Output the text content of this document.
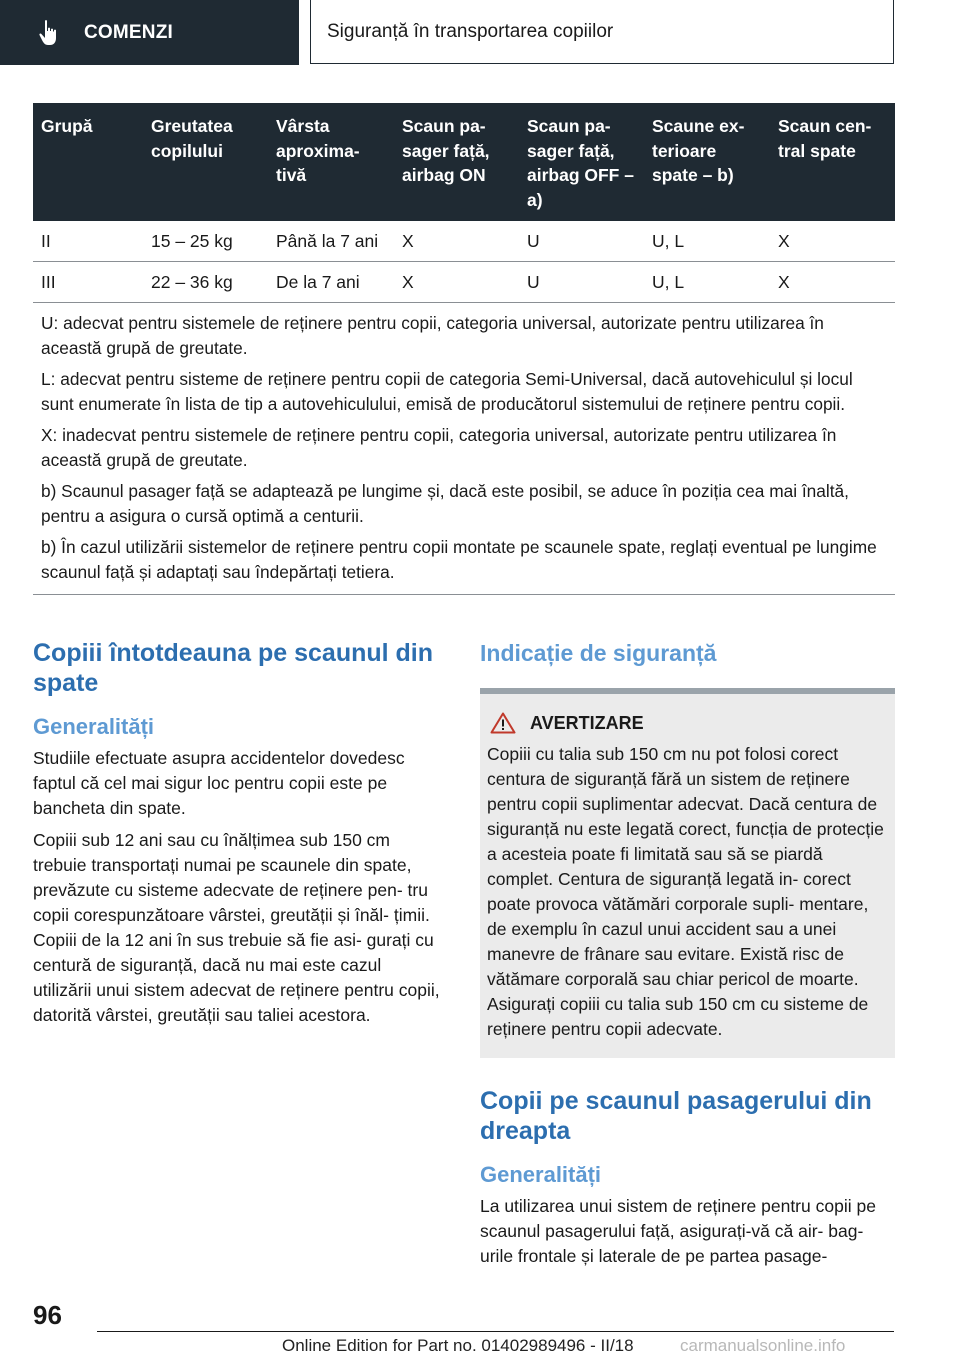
COMENZI	Siguranță în transportarea copiilor
Grupă	Greutatea copilului	Vârsta aproxima- tivă	Scaun pa- sager față, airbag ON	Scaun pa- sager față, airbag OFF – a)	Scaune ex- terioare spate – b)	Scaun cen- tral spate
II	15 – 25 kg	Până la 7 ani	X	U	U, L	X
III	22 – 36 kg	De la 7 ani	X	U	U, L	X

U: adecvat pentru sistemele de reținere pentru copii, categoria universal, autorizate pentru utilizarea în această grupă de greutate.

L: adecvat pentru sisteme de reținere pentru copii de categoria Semi-Universal, dacă autovehiculul și locul sunt enumerate în lista de tip a autovehiculului, emisă de producătorul sistemului de reținere pentru copii.

X: inadecvat pentru sistemele de reținere pentru copii, categoria universal, autorizate pentru utilizarea în această grupă de greutate.

b) Scaunul pasager față se adaptează pe lungime și, dacă este posibil, se aduce în poziția cea mai înaltă, pentru a asigura o cursă optimă a centurii.

b) În cazul utilizării sistemelor de reținere pentru copii montate pe scaunele spate, reglați eventual pe lungime scaunul față și adaptați sau îndepărtați tetiera.						

Copiii întotdeauna pe scaunul din spate
Generalități

Studiile efectuate asupra accidentelor dovedesc faptul că cel mai sigur loc pentru copii este pe bancheta din spate.

Copiii sub 12 ani sau cu înălțimea sub 150 cm trebuie transportați numai pe scaunele din spate, prevăzute cu sisteme adecvate de reținere pen- tru copii corespunzătoare vârstei, greutății și înăl- țimii. Copiii de la 12 ani în sus trebuie să fie asi- gurați cu centură de siguranță, dacă nu mai este cazul utilizării unui sistem adecvat de reținere pentru copii, datorită vârstei, greutății sau taliei acestora.

Indicație de siguranță
AVERTIZARE

Copiii cu talia sub 150 cm nu pot folosi corect centura de siguranță fără un sistem de reținere pentru copii suplimentar adecvat. Dacă centura de siguranță nu este legată corect, funcția de protecție a acesteia poate fi limitată sau să se piardă complet. Centura de siguranță legată in- corect poate provoca vătămări corporale supli- mentare, de exemplu în cazul unui accident sau a unei manevre de frânare sau evitare. Există risc de vătămare corporală sau chiar pericol de moarte. Asigurați copiii cu talia sub 150 cm cu sisteme de reținere pentru copii adecvate.

Copii pe scaunul pasagerului din dreapta
Generalități

La utilizarea unui sistem de reținere pentru copii pe scaunul pasagerului față, asigurați-vă că air- bag-urile frontale și laterale de pe partea pasage-

96
Online Edition for Part no. 01402989496 - II/18	carmanualsonline.info
